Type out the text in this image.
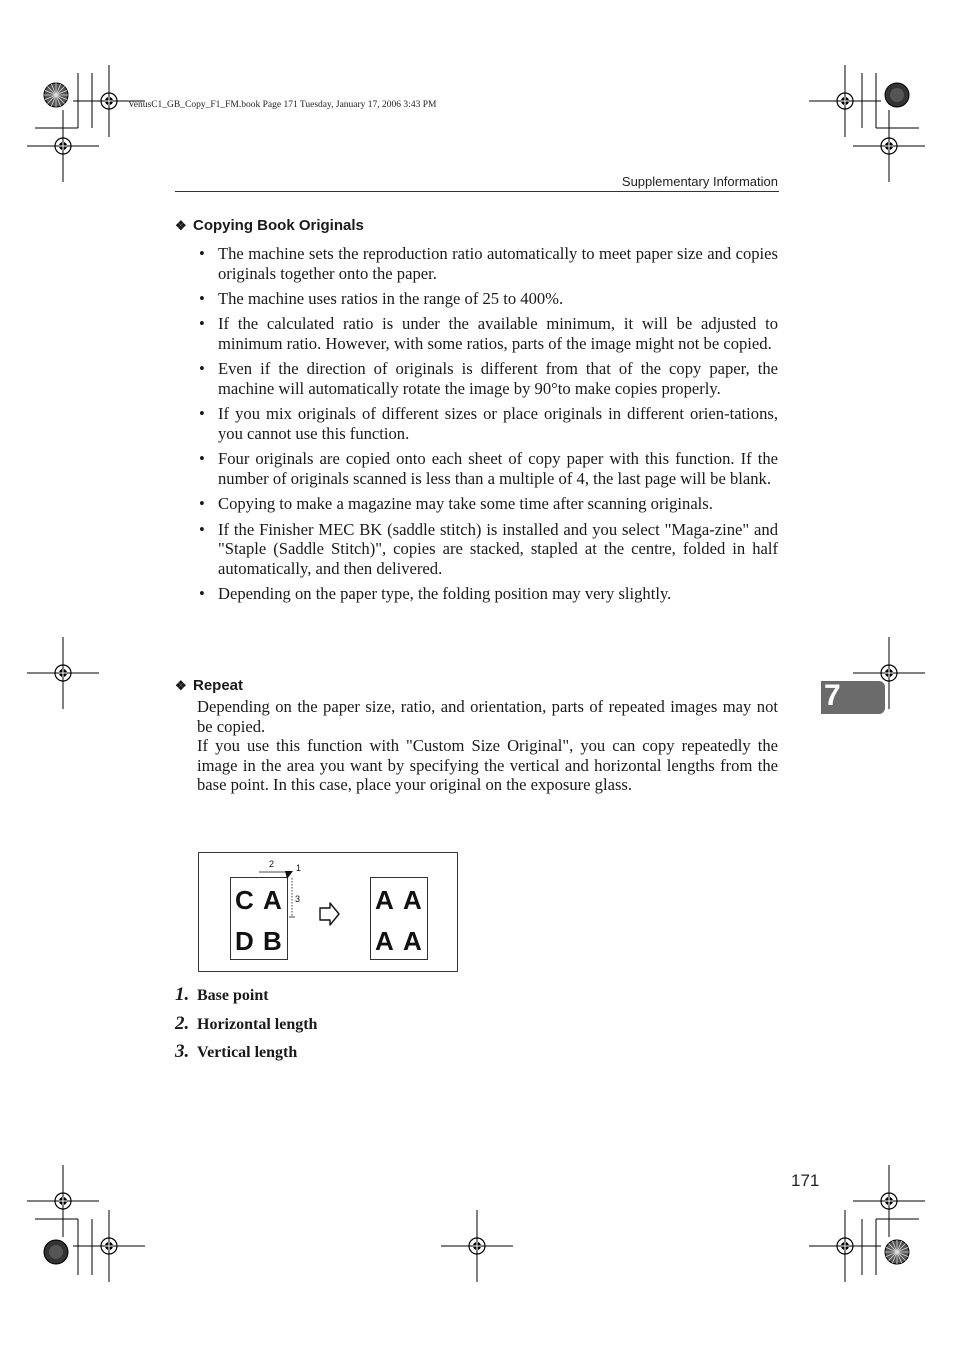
VenusC1_GB_Copy_F1_FM.book Page 171 Tuesday, January 17, 2006 3:43 PM
Supplementary Information
❖ Copying Book Originals
• The machine sets the reproduction ratio automatically to meet paper size and copies originals together onto the paper.
• The machine uses ratios in the range of 25 to 400%.
• If the calculated ratio is under the available minimum, it will be adjusted to minimum ratio. However, with some ratios, parts of the image might not be copied.
• Even if the direction of originals is different from that of the copy paper, the machine will automatically rotate the image by 90°to make copies properly.
• If you mix originals of different sizes or place originals in different orien-tations, you cannot use this function.
• Four originals are copied onto each sheet of copy paper with this function. If the number of originals scanned is less than a multiple of 4, the last page will be blank.
• Copying to make a magazine may take some time after scanning originals.
• If the Finisher MEC BK (saddle stitch) is installed and you select "Maga-zine" and "Staple (Saddle Stitch)", copies are stacked, stapled at the centre, folded in half automatically, and then delivered.
• Depending on the paper type, the folding position may very slightly.
❖ Repeat

Depending on the paper size, ratio, and orientation, parts of repeated images may not be copied.

If you use this function with "Custom Size Original", you can copy repeatedly the image in the area you want by specifying the vertical and horizontal lengths from the base point. In this case, place your original on the exposure glass.

7
C A
D B
2 1
3	A A
A A
1. Base point
2. Horizontal length
3. Vertical length
171
